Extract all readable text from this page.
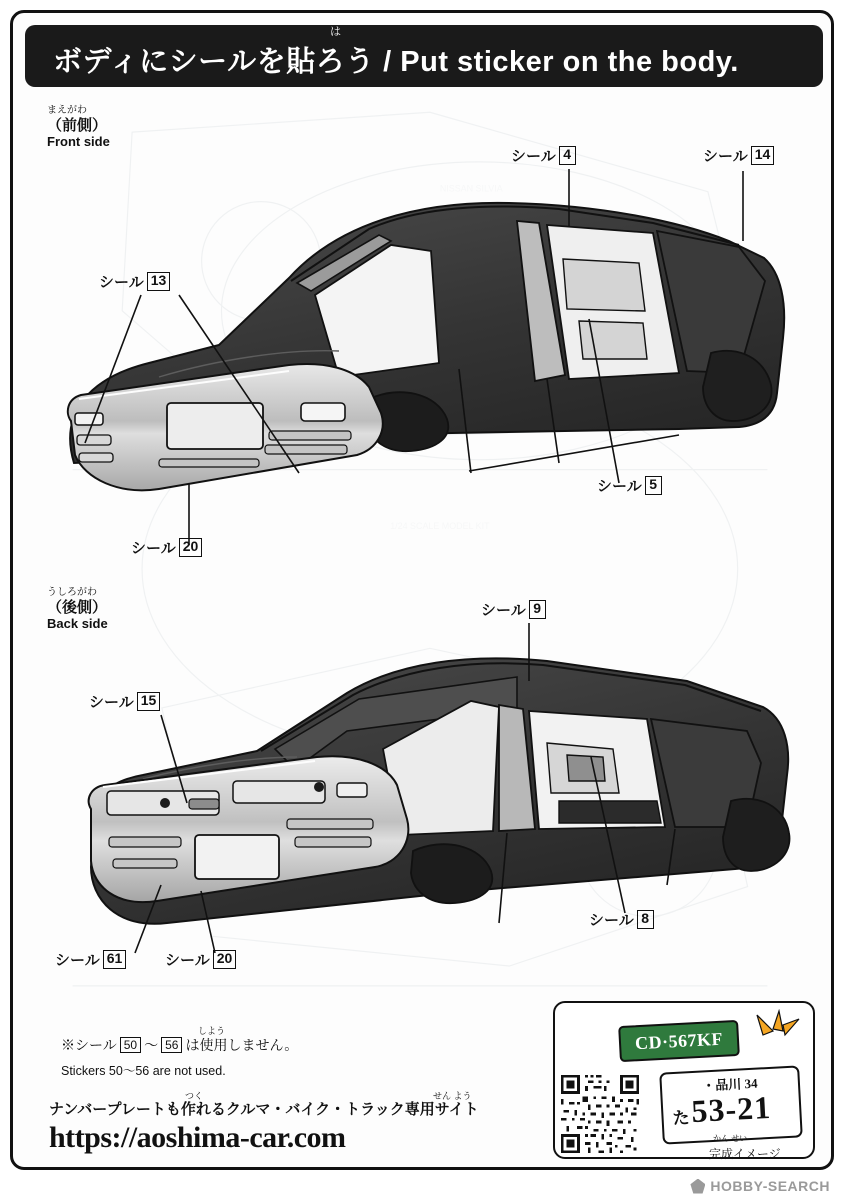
NISSAN SILVIA
1/24 SCALE MODEL KIT
は
ボディにシールを貼ろう / Put sticker on the body.
まえがわ
（前側）
Front side
うしろがわ
（後側）
Back side
シール 4	シール 14
シール 13
シール 5
シール 20
シール 9
シール 15
シール 8
シール 61	シール 20
しよう
※シール 50 ～ 56 は使用しません。
Stickers 50～56 are not used.
ナンバープレートも作れるクルマ・バイク・トラック専用サイト
https://aoshima-car.com
つく	せん よう
CD·567KF
・品川 34
た 53-21
かん せい
完成イメージ
HOBBY-SEARCH
